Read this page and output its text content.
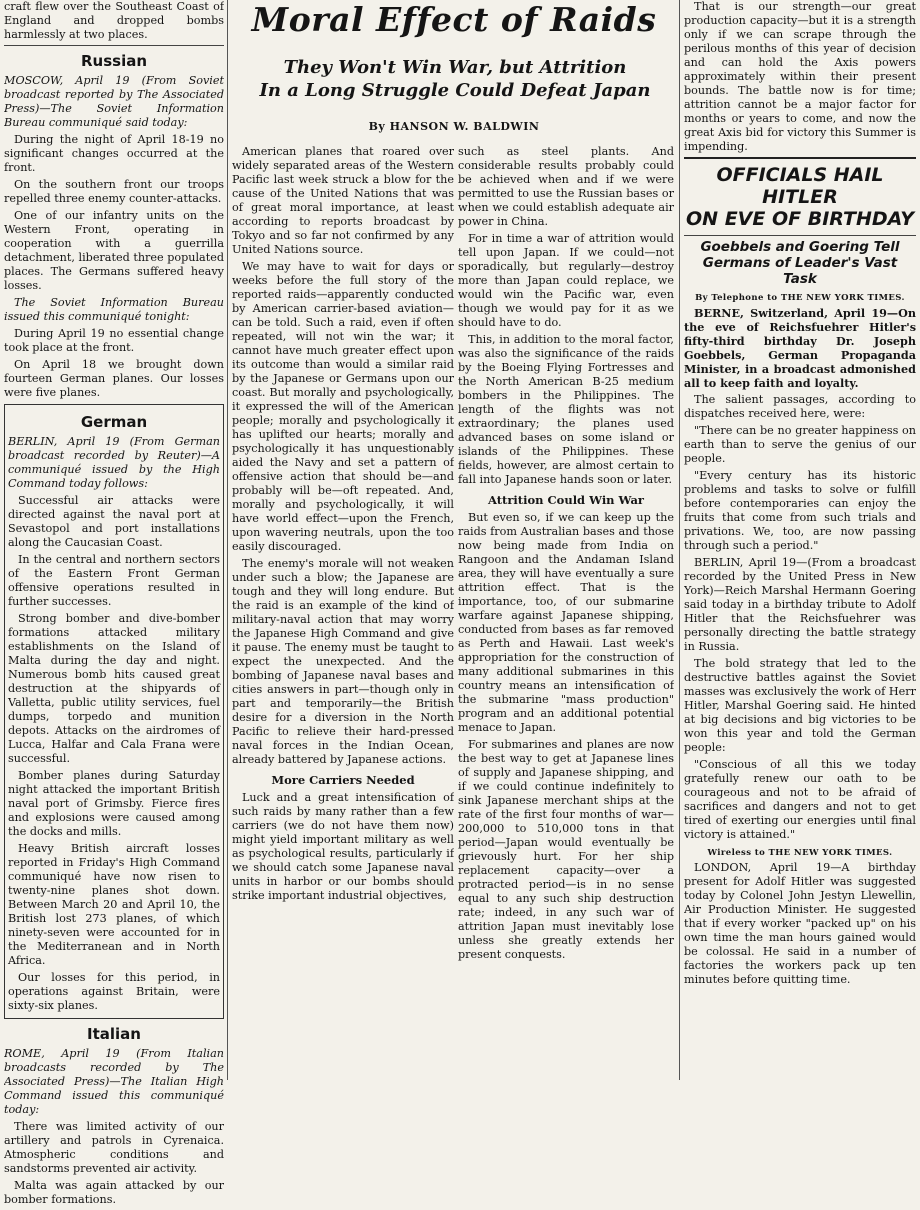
craft flew over the Southeast Coast of England and dropped bombs harmlessly at two places.

Russian

MOSCOW, April 19 (From Soviet broadcast reported by The Associated Press)—The Soviet Information Bureau communiqué said today:

During the night of April 18-19 no significant changes occurred at the front.

On the southern front our troops repelled three enemy counter-attacks.

One of our infantry units on the Western Front, operating in cooperation with a guerrilla detachment, liberated three populated places. The Germans suffered heavy losses.

The Soviet Information Bureau issued this communiqué tonight:

During April 19 no essential change took place at the front.

On April 18 we brought down fourteen German planes. Our losses were five planes.

German

BERLIN, April 19 (From German broadcast recorded by Reuter)—A communiqué issued by the High Command today follows:

Successful air attacks were directed against the naval port at Sevastopol and port installations along the Caucasian Coast.

In the central and northern sectors of the Eastern Front German offensive operations resulted in further successes.

Strong bomber and dive-bomber formations attacked military establishments on the Island of Malta during the day and night. Numerous bomb hits caused great destruction at the shipyards of Valletta, public utility services, fuel dumps, torpedo and munition depots. Attacks on the airdromes of Lucca, Halfar and Cala Frana were successful.

Bomber planes during Saturday night attacked the important British naval port of Grimsby. Fierce fires and explosions were caused among the docks and mills.

Heavy British aircraft losses reported in Friday's High Command communiqué have now risen to twenty-nine planes shot down. Between March 20 and April 10, the British lost 273 planes, of which ninety-seven were accounted for in the Mediterranean and in North Africa.

Our losses for this period, in operations against Britain, were sixty-six planes.

Italian

ROME, April 19 (From Italian broadcasts recorded by The Associated Press)—The Italian High Command issued this communiqué today:

There was limited activity of our artillery and patrols in Cyrenaica. Atmospheric conditions and sandstorms prevented air activity.

Malta was again attacked by our bomber formations.

Moral Effect of Raids
They Won't Win War, but Attrition
In a Long Struggle Could Defeat Japan
By HANSON W. BALDWIN

American planes that roared over widely separated areas of the Western Pacific last week struck a blow for the cause of the United Nations that was of great moral importance, at least according to reports broadcast by Tokyo and so far not confirmed by any United Nations source.

We may have to wait for days or weeks before the full story of the reported raids—apparently conducted by American carrier-based aviation—can be told. Such a raid, even if often repeated, will not win the war; it cannot have much greater effect upon its outcome than would a similar raid by the Japanese or Germans upon our coast. But morally and psychologically, it expressed the will of the American people; morally and psychologically it has uplifted our hearts; morally and psychologically it has unquestionably aided the Navy and set a pattern of offensive action that should be—and probably will be—oft repeated. And, morally and psychologically, it will have world effect—upon the French, upon wavering neutrals, upon the too easily discouraged.

The enemy's morale will not weaken under such a blow; the Japanese are tough and they will long endure. But the raid is an example of the kind of military-naval action that may worry the Japanese High Command and give it pause. The enemy must be taught to expect the unexpected. And the bombing of Japanese naval bases and cities answers in part—though only in part and temporarily—the British desire for a diversion in the North Pacific to relieve their hard-pressed naval forces in the Indian Ocean, already battered by Japanese actions.

More Carriers Needed

Luck and a great intensification of such raids by many rather than a few carriers (we do not have them now) might yield important military as well as psychological results, particularly if we should catch some Japanese naval units in harbor or our bombs should strike important industrial objectives,

such as steel plants. And considerable results probably could be achieved when and if we were permitted to use the Russian bases or when we could establish adequate air power in China.

For in time a war of attrition would tell upon Japan. If we could—not sporadically, but regularly—destroy more than Japan could replace, we would win the Pacific war, even though we would pay for it as we should have to do.

This, in addition to the moral factor, was also the significance of the raids by the Boeing Flying Fortresses and the North American B-25 medium bombers in the Philippines. The length of the flights was not extraordinary; the planes used advanced bases on some island or islands of the Philippines. These fields, however, are almost certain to fall into Japanese hands soon or later.

Attrition Could Win War

But even so, if we can keep up the raids from Australian bases and those now being made from India on Rangoon and the Andaman Island area, they will have eventually a sure attrition effect. That is the importance, too, of our submarine warfare against Japanese shipping, conducted from bases as far removed as Perth and Hawaii. Last week's appropriation for the construction of many additional submarines in this country means an intensification of the submarine "mass production" program and an additional potential menace to Japan.

For submarines and planes are now the best way to get at Japanese lines of supply and Japanese shipping, and if we could continue indefinitely to sink Japanese merchant ships at the rate of the first four months of war—200,000 to 510,000 tons in that period—Japan would eventually be grievously hurt. For her ship replacement capacity—over a protracted period—is in no sense equal to any such ship destruction rate; indeed, in any such war of attrition Japan must inevitably lose unless she greatly extends her present conquests.

That is our strength—our great production capacity—but it is a strength only if we can scrape through the perilous months of this year of decision and can hold the Axis powers approximately within their present bounds. The battle now is for time; attrition cannot be a major factor for months or years to come, and now the great Axis bid for victory this Summer is impending.

OFFICIALS HAIL HITLER
ON EVE OF BIRTHDAY
Goebbels and Goering Tell
Germans of Leader's Vast Task
By Telephone to THE NEW YORK TIMES.

BERNE, Switzerland, April 19—On the eve of Reichsfuehrer Hitler's fifty-third birthday Dr. Joseph Goebbels, German Propaganda Minister, in a broadcast admonished all to keep faith and loyalty.

The salient passages, according to dispatches received here, were:

"There can be no greater happiness on earth than to serve the genius of our people.

"Every century has its historic problems and tasks to solve or fulfill before contemporaries can enjoy the fruits that come from such trials and privations. We, too, are now passing through such a period."

BERLIN, April 19—(From a broadcast recorded by the United Press in New York)—Reich Marshal Hermann Goering said today in a birthday tribute to Adolf Hitler that the Reichsfuehrer was personally directing the battle strategy in Russia.

The bold strategy that led to the destructive battles against the Soviet masses was exclusively the work of Herr Hitler, Marshal Goering said. He hinted at big decisions and big victories to be won this year and told the German people:

"Conscious of all this we today gratefully renew our oath to be courageous and not to be afraid of sacrifices and dangers and not to get tired of exerting our energies until final victory is attained."

Wireless to THE NEW YORK TIMES.

LONDON, April 19—A birthday present for Adolf Hitler was suggested today by Colonel John Jestyn Llewellin, Air Production Minister. He suggested that if every worker "packed up" on his own time the man hours gained would be colossal. He said in a number of factories the workers pack up ten minutes before quitting time.
